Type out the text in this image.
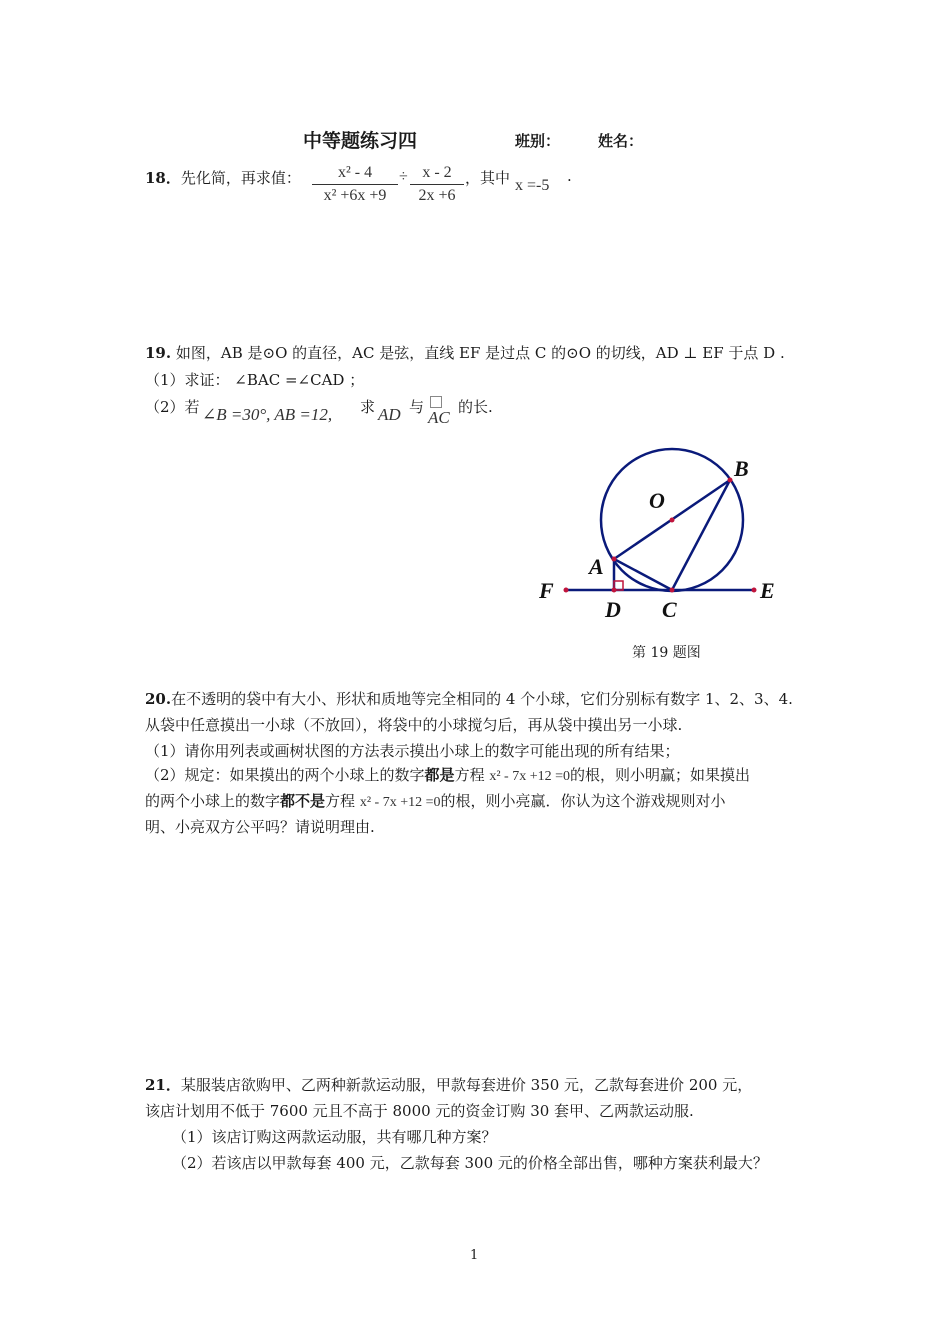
中等题练习四	班别：	姓名：
18．先化简，再求值： $\frac{\text{x² - 4}}{\text{x² +6x +9}} \div \frac{x - 2}{2x +6}$ ，其中 x =-5
.
19. 如图，AB 是⊙O 的直径，AC 是弦，直线 EF 是过点 C 的⊙O 的切线，AD ⊥ EF 于点 D .
（1）求证： ∠BAC =∠CAD ；
（2）若 ∠B =30°, AB =12, 求 AD 与
AC
的长.
B
O
A
F	E
D C
第 19 题图
20.在不透明的袋中有大小、形状和质地等完全相同的 4 个小球，它们分别标有数字 1、2、3、4.
从袋中任意摸出一小球（不放回），将袋中的小球搅匀后，再从袋中摸出另一小球.
（1）请你用列表或画树状图的方法表示摸出小球上的数字可能出现的所有结果；
（2）规定：如果摸出的两个小球上的数字都是方程 x² - 7x +12 =0的根，则小明赢；如果摸出
的两个小球上的数字都不是方程 x² - 7x +12 =0的根，则小亮赢．你认为这个游戏规则对小
明、小亮双方公平吗？请说明理由.
21．某服装店欲购甲、乙两种新款运动服，甲款每套进价 350 元，乙款每套进价 200 元，
该店计划用不低于 7600 元且不高于 8000 元的资金订购 30 套甲、乙两款运动服.
（1）该店订购这两款运动服，共有哪几种方案？
（2）若该店以甲款每套 400 元，乙款每套 300 元的价格全部出售，哪种方案获利最大？
1
